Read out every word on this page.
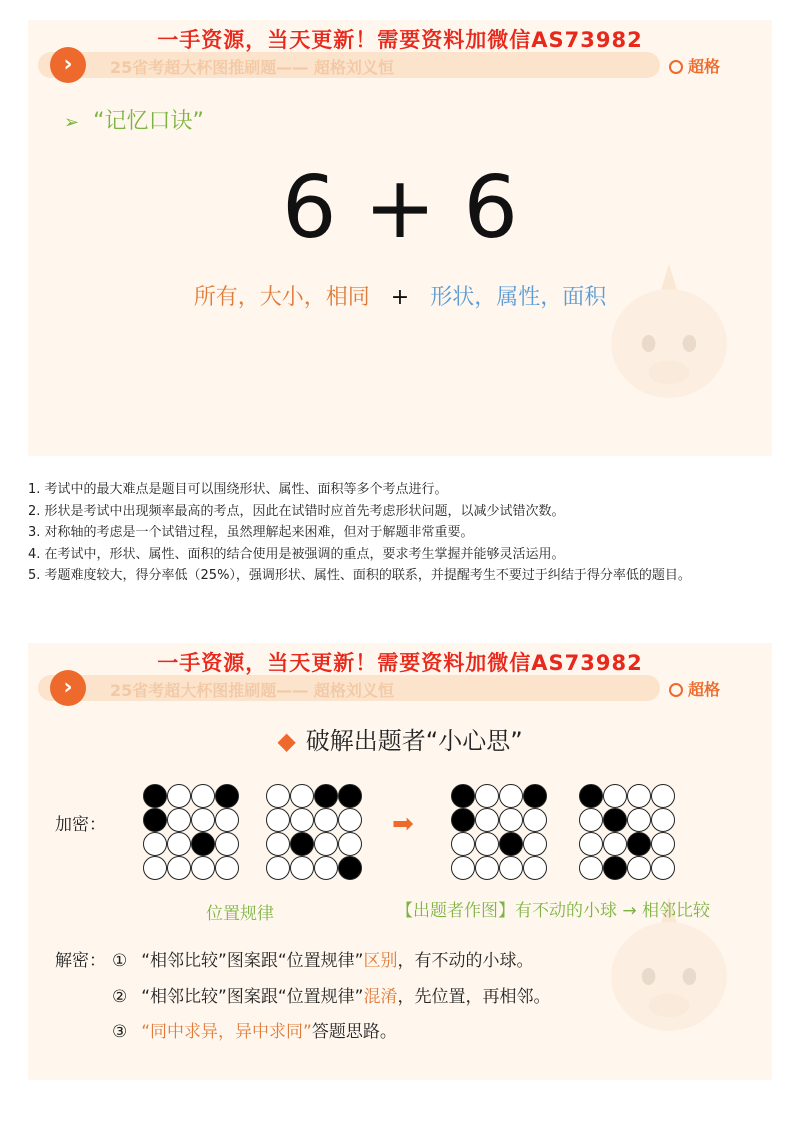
一手资源，当天更新！需要资料加微信AS73982
25省考超大杯图推刷题—— 超格刘义恒
›	超格
➢ “记忆口诀”
6 + 6
所有，大小，相同 + 形状，属性，面积

1. 考试中的最大难点是题目可以围绕形状、属性、面积等多个考点进行。

2. 形状是考试中出现频率最高的考点，因此在试错时应首先考虑形状问题，以减少试错次数。

3. 对称轴的考虑是一个试错过程，虽然理解起来困难，但对于解题非常重要。

4. 在考试中，形状、属性、面积的结合使用是被强调的重点，要求考生掌握并能够灵活运用。

5. 考题难度较大，得分率低（25%），强调形状、属性、面积的联系，并提醒考生不要过于纠结于得分率低的题目。

一手资源，当天更新！需要资料加微信AS73982
25省考超大杯图推刷题—— 超格刘义恒
›	超格
◆ 破解出题者“小心思”
加密：	➡
位置规律	【出题者作图】有不动的小球 → 相邻比较
解密： ① “相邻比较”图案跟“位置规律”区别，有不动的小球。
② “相邻比较”图案跟“位置规律”混淆，先位置，再相邻。
③ “同中求异，异中求同”答题思路。
